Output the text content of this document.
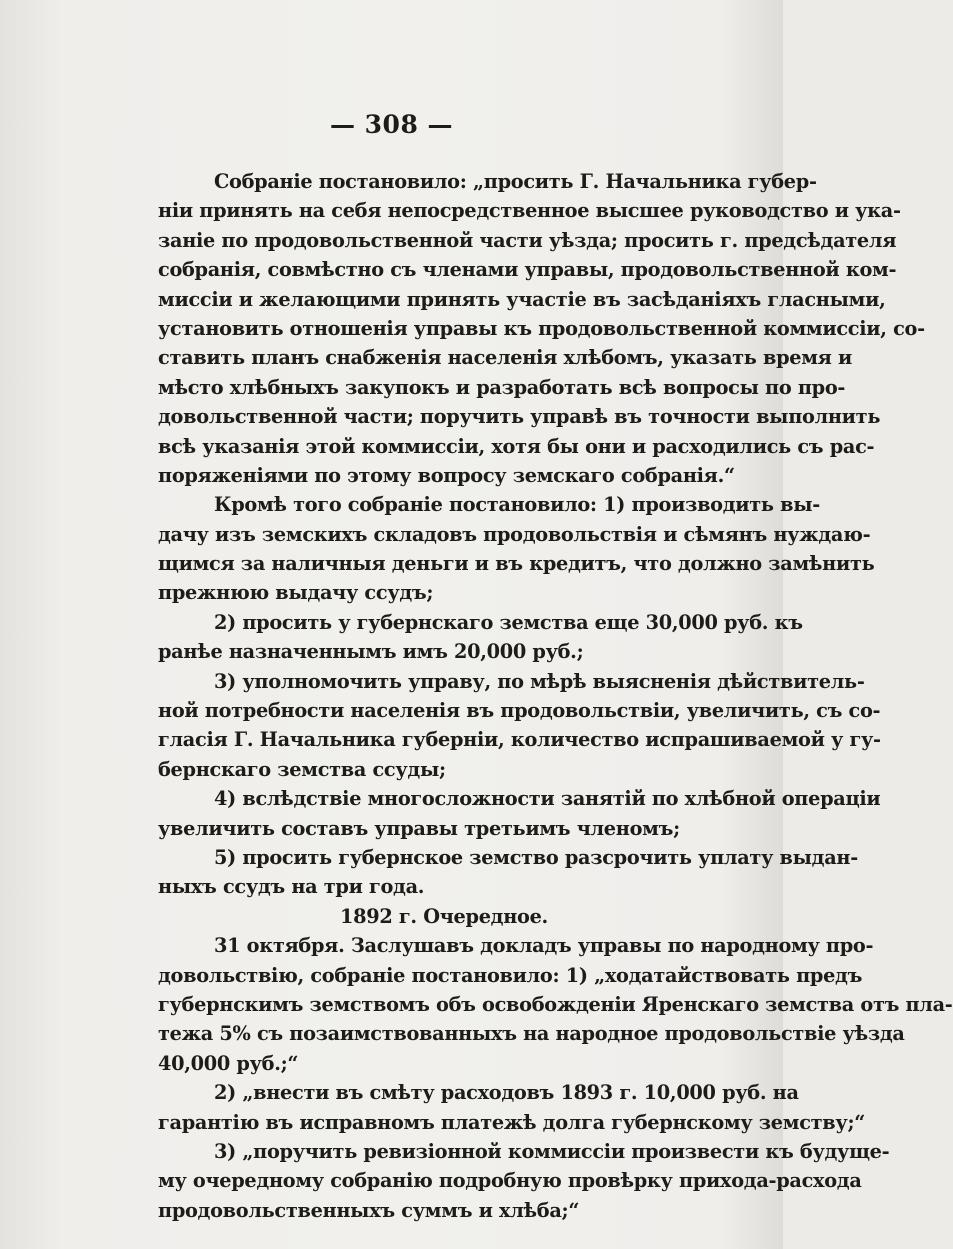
— 308 —
Собраніе постановило: „просить Г. Начальника губер-
ніи принять на себя непосредственное высшее руководство и ука-
заніе по продовольственной части уѣзда; просить г. предсѣдателя
собранія, совмѣстно съ членами управы, продовольственной ком-
миссіи и желающими принять участіе въ засѣданіяхъ гласными,
установить отношенія управы къ продовольственной коммиссіи, со-
ставить планъ снабженія населенія хлѣбомъ, указать время и
мѣсто хлѣбныхъ закупокъ и разработать всѣ вопросы по про-
довольственной части; поручить управѣ въ точности выполнить
всѣ указанія этой коммиссіи, хотя бы они и расходились съ рас-
поряженіями по этому вопросу земскаго собранія.“
Кромѣ того собраніе постановило: 1) производить вы-
дачу изъ земскихъ складовъ продовольствія и сѣмянъ нуждаю-
щимся за наличныя деньги и въ кредитъ, что должно замѣнить
прежнюю выдачу ссудъ;
2) просить у губернскаго земства еще 30,000 руб. къ
ранѣе назначеннымъ имъ 20,000 руб.;
3) уполномочить управу, по мѣрѣ выясненія дѣйствитель-
ной потребности населенія въ продовольствіи, увеличить, съ со-
гласія Г. Начальника губерніи, количество испрашиваемой у гу-
бернскаго земства ссуды;
4) вслѣдствіе многосложности занятій по хлѣбной операціи
увеличить составъ управы третьимъ членомъ;
5) просить губернское земство разсрочить уплату выдан-
ныхъ ссудъ на три года.
1892 г. Очередное.
31 октября. Заслушавъ докладъ управы по народному про-
довольствію, собраніе постановило: 1) „ходатайствовать предъ
губернскимъ земствомъ объ освобожденіи Яренскаго земства отъ пла-
тежа 5% съ позаимствованныхъ на народное продовольствіе уѣзда
40,000 руб.;“
2) „внести въ смѣту расходовъ 1893 г. 10,000 руб. на
гарантію въ исправномъ платежѣ долга губернскому земству;“
3) „поручить ревизіонной коммиссіи произвести къ будуще-
му очередному собранію подробную провѣрку прихода-расхода
продовольственныхъ суммъ и хлѣба;“
